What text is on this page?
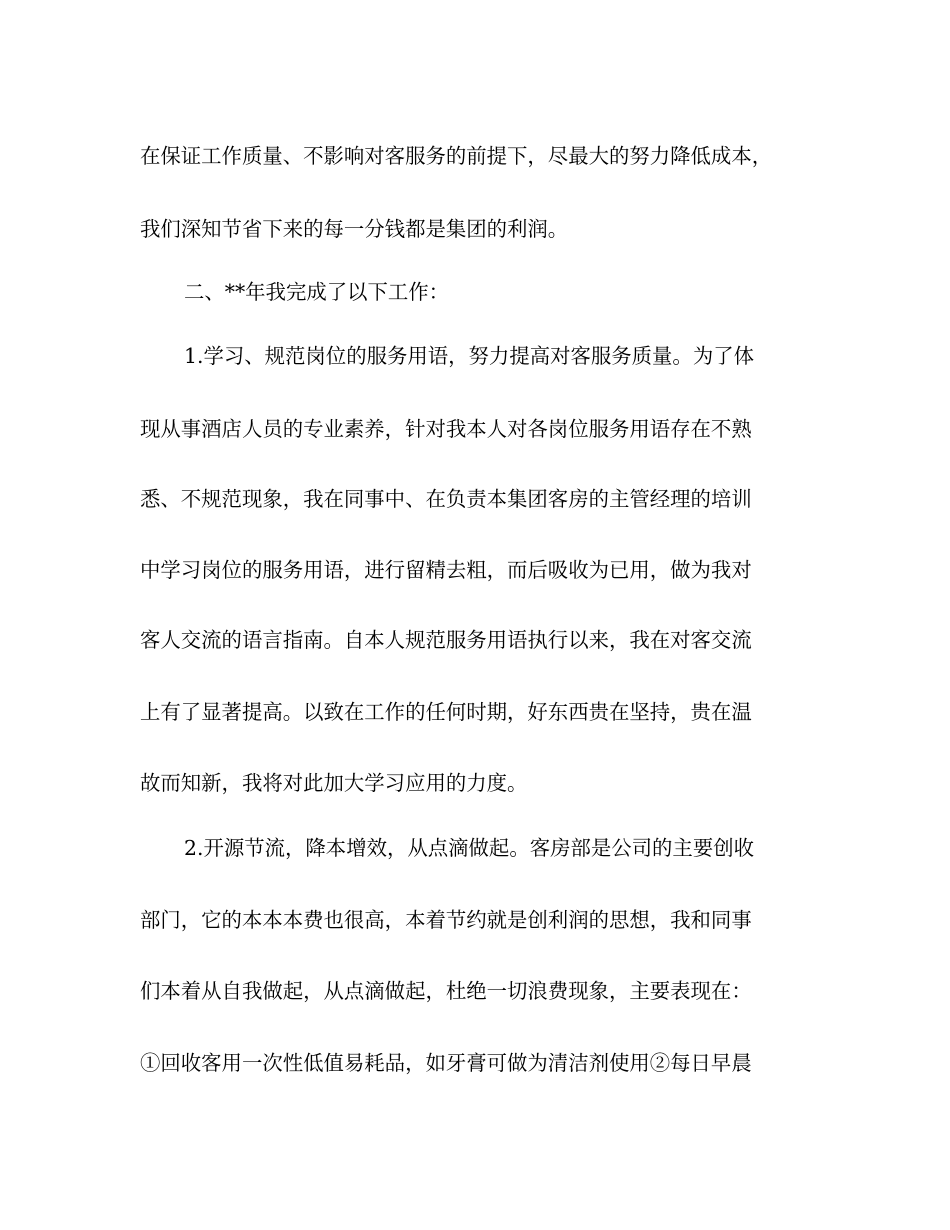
在保证工作质量、不影响对客服务的前提下，尽最大的努力降低成本，
我们深知节省下来的每一分钱都是集团的利润。
二、**年我完成了以下工作：
1.学习、规范岗位的服务用语，努力提高对客服务质量。为了体
现从事酒店人员的专业素养，针对我本人对各岗位服务用语存在不熟
悉、不规范现象，我在同事中、在负责本集团客房的主管经理的培训
中学习岗位的服务用语，进行留精去粗，而后吸收为已用，做为我对
客人交流的语言指南。自本人规范服务用语执行以来，我在对客交流
上有了显著提高。以致在工作的任何时期，好东西贵在坚持，贵在温
故而知新，我将对此加大学习应用的力度。
2.开源节流，降本增效，从点滴做起。客房部是公司的主要创收
部门，它的本本本费也很高，本着节约就是创利润的思想，我和同事
们本着从自我做起，从点滴做起，杜绝一切浪费现象，主要表现在：
①回收客用一次性低值易耗品，如牙膏可做为清洁剂使用②每日早晨
